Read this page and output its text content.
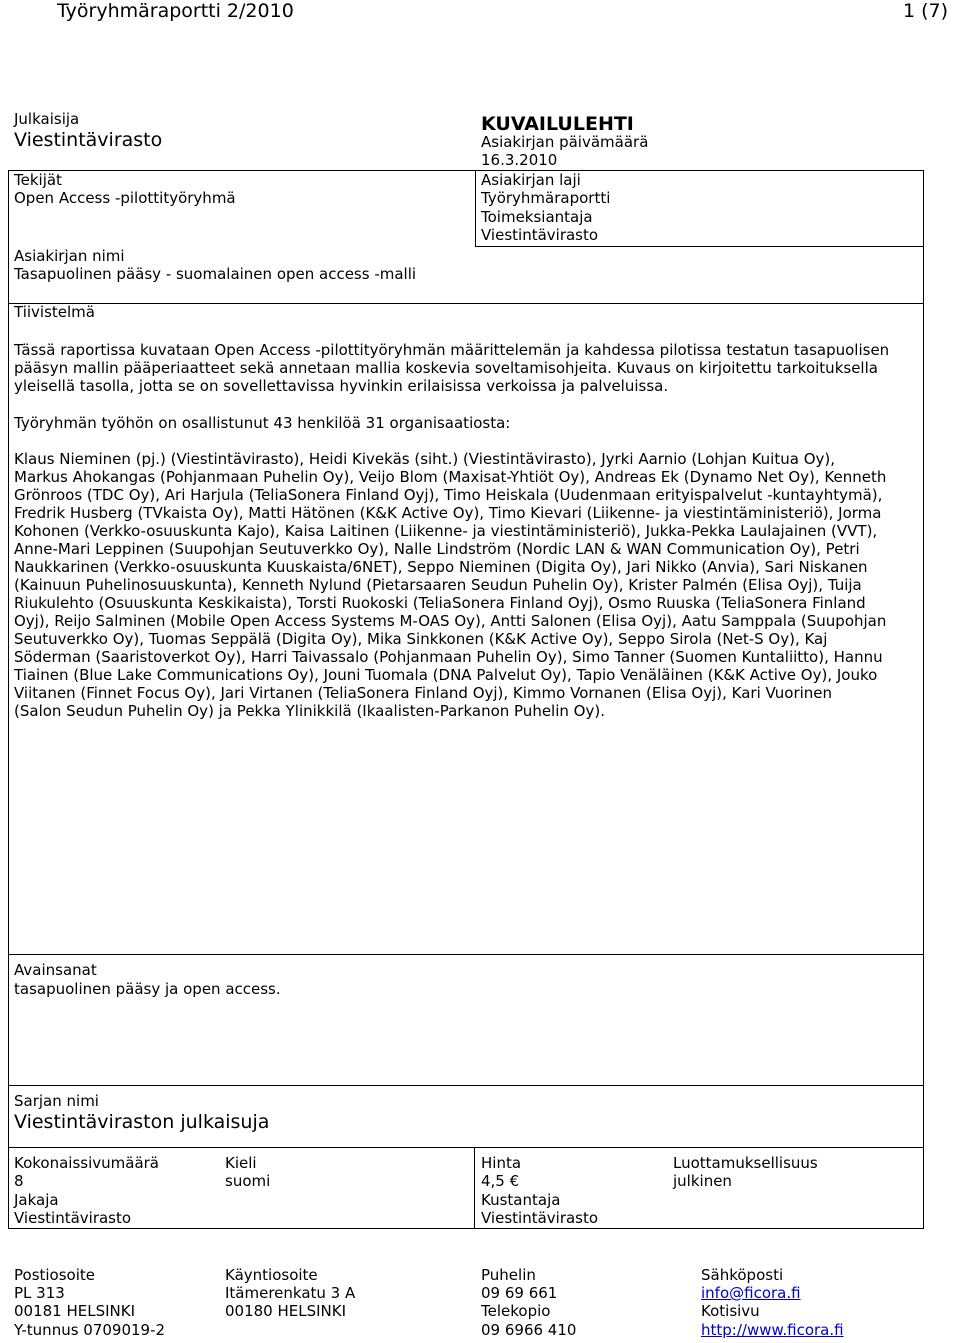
Työryhmäraportti 2/2010	1 (7)
Julkaisija
Viestintävirasto
Tekijät
Open Access -pilottityöryhmä
Asiakirjan nimi
Tasapuolinen pääsy - suomalainen open access -malli
KUVAILULEHTI
Asiakirjan päivämäärä
16.3.2010
Asiakirjan laji
Työryhmäraportti
Toimeksiantaja
Viestintävirasto
Tiivistelmä
Tässä raportissa kuvataan Open Access -pilottityöryhmän määrittelemän ja kahdessa pilotissa testatun tasapuolisen
pääsyn mallin pääperiaatteet sekä annetaan mallia koskevia soveltamisohjeita. Kuvaus on kirjoitettu tarkoituksella
yleisellä tasolla, jotta se on sovellettavissa hyvinkin erilaisissa verkoissa ja palveluissa.
Työryhmän työhön on osallistunut 43 henkilöä 31 organisaatiosta:
Klaus Nieminen (pj.) (Viestintävirasto), Heidi Kivekäs (siht.) (Viestintävirasto), Jyrki Aarnio (Lohjan Kuitua Oy),
Markus Ahokangas (Pohjanmaan Puhelin Oy), Veijo Blom (Maxisat-Yhtiöt Oy), Andreas Ek (Dynamo Net Oy), Kenneth
Grönroos (TDC Oy), Ari Harjula (TeliaSonera Finland Oyj), Timo Heiskala (Uudenmaan erityispalvelut -kuntayhtymä),
Fredrik Husberg (TVkaista Oy), Matti Hätönen (K&K Active Oy), Timo Kievari (Liikenne- ja viestintäministeriö), Jorma
Kohonen (Verkko-osuuskunta Kajo), Kaisa Laitinen (Liikenne- ja viestintäministeriö), Jukka-Pekka Laulajainen (VVT),
Anne-Mari Leppinen (Suupohjan Seutuverkko Oy), Nalle Lindström (Nordic LAN & WAN Communication Oy), Petri
Naukkarinen (Verkko-osuuskunta Kuuskaista/6NET), Seppo Nieminen (Digita Oy), Jari Nikko (Anvia), Sari Niskanen
(Kainuun Puhelinosuuskunta), Kenneth Nylund (Pietarsaaren Seudun Puhelin Oy), Krister Palmén (Elisa Oyj), Tuija
Riukulehto (Osuuskunta Keskikaista), Torsti Ruokoski (TeliaSonera Finland Oyj), Osmo Ruuska (TeliaSonera Finland
Oyj), Reijo Salminen (Mobile Open Access Systems M-OAS Oy), Antti Salonen (Elisa Oyj), Aatu Samppala (Suupohjan
Seutuverkko Oy), Tuomas Seppälä (Digita Oy), Mika Sinkkonen (K&K Active Oy), Seppo Sirola (Net-S Oy), Kaj
Söderman (Saaristoverkot Oy), Harri Taivassalo (Pohjanmaan Puhelin Oy), Simo Tanner (Suomen Kuntaliitto), Hannu
Tiainen (Blue Lake Communications Oy), Jouni Tuomala (DNA Palvelut Oy), Tapio Venäläinen (K&K Active Oy), Jouko
Viitanen (Finnet Focus Oy), Jari Virtanen (TeliaSonera Finland Oyj), Kimmo Vornanen (Elisa Oyj), Kari Vuorinen
(Salon Seudun Puhelin Oy) ja Pekka Ylinikkilä (Ikaalisten-Parkanon Puhelin Oy).
Avainsanat
tasapuolinen pääsy ja open access.
Sarjan nimi
Viestintäviraston julkaisuja
Kokonaissivumäärä
8
Kieli
suomi
Hinta
4,5 €
Luottamuksellisuus
julkinen
Jakaja
Viestintävirasto
Kustantaja
Viestintävirasto
Postiosoite
PL 313
00181 HELSINKI
Y-tunnus 0709019-2
Käyntiosoite
Itämerenkatu 3 A
00180 HELSINKI
Puhelin
09 69 661
Telekopio
09 6966 410
Sähköposti
info@ficora.fi
Kotisivu
http://www.ficora.fi
